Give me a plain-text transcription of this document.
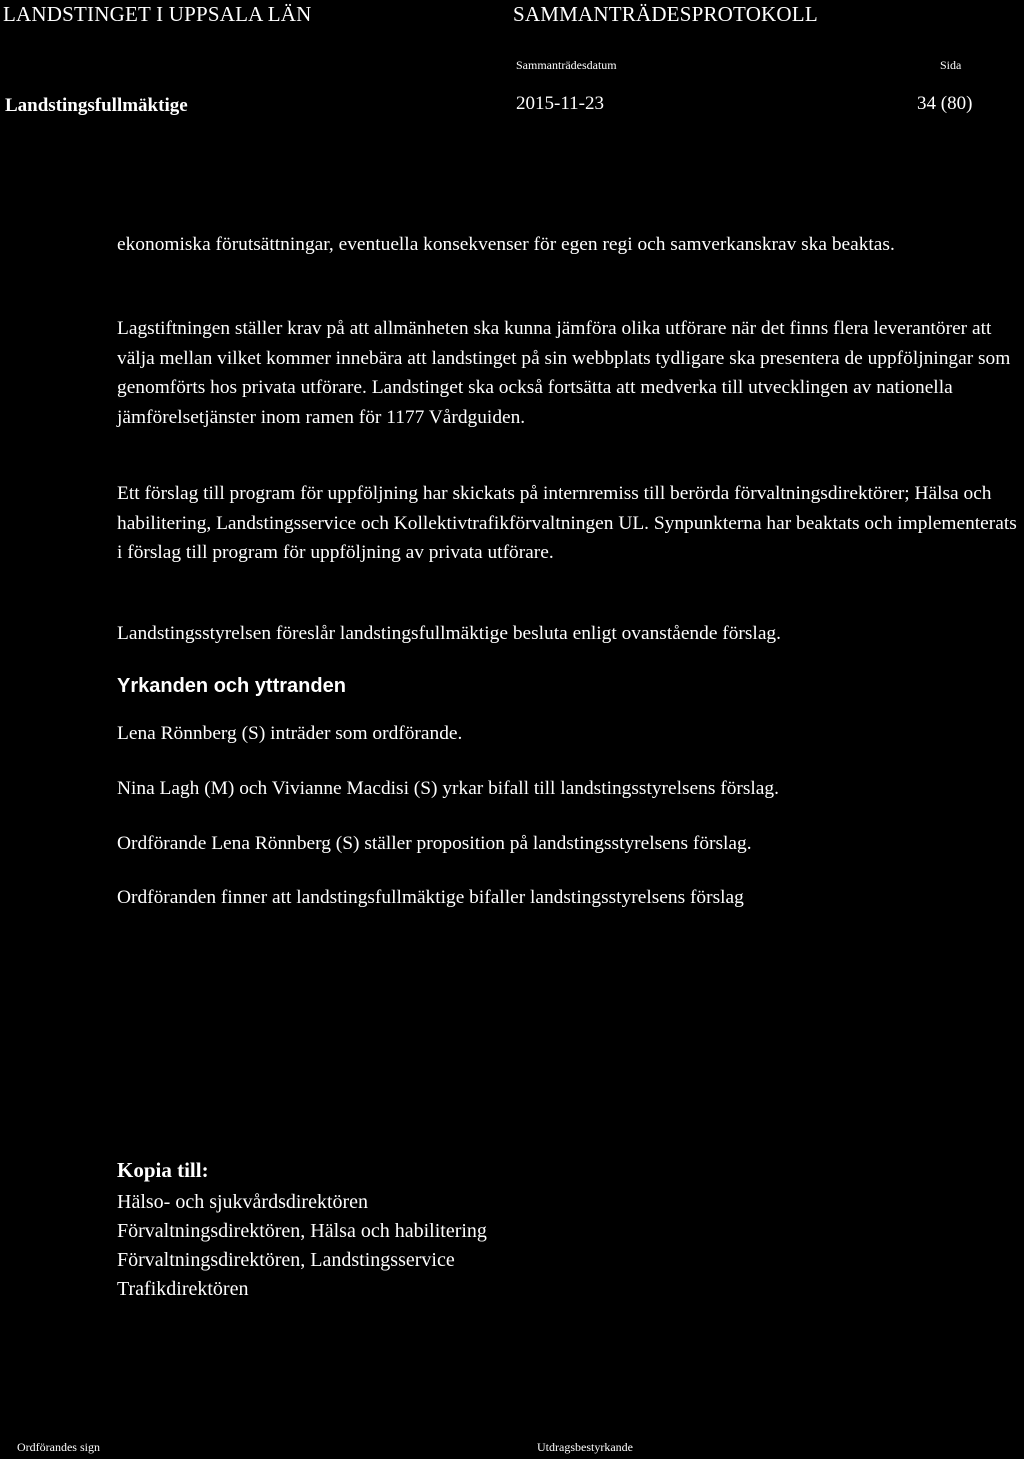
LANDSTINGET I UPPSALA LÄN	SAMMANTRÄDESPROTOKOLL
Sammanträdesdatum	Sida
Landstingsfullmäktige	2015-11-23	34 (80)

ekonomiska förutsättningar, eventuella konsekvenser för egen regi och samverkanskrav ska beaktas.

Lagstiftningen ställer krav på att allmänheten ska kunna jämföra olika utförare när det finns flera leverantörer att välja mellan vilket kommer innebära att landstinget på sin webbplats tydligare ska presentera de uppföljningar som genomförts hos privata utförare. Landstinget ska också fortsätta att medverka till utvecklingen av nationella jämförelsetjänster inom ramen för 1177 Vårdguiden.

Ett förslag till program för uppföljning har skickats på internremiss till berörda förvaltningsdirektörer; Hälsa och habilitering, Landstingsservice och Kollektivtrafikförvaltningen UL. Synpunkterna har beaktats och implementerats i förslag till program för uppföljning av privata utförare.

Landstingsstyrelsen föreslår landstingsfullmäktige besluta enligt ovanstående förslag.

Yrkanden och yttranden

Lena Rönnberg (S) inträder som ordförande.

Nina Lagh (M) och Vivianne Macdisi (S) yrkar bifall till landstingsstyrelsens förslag.

Ordförande Lena Rönnberg (S) ställer proposition på landstingsstyrelsens förslag.

Ordföranden finner att landstingsfullmäktige bifaller landstingsstyrelsens förslag

Kopia till:
Hälso- och sjukvårdsdirektören
Förvaltningsdirektören, Hälsa och habilitering
Förvaltningsdirektören, Landstingsservice
Trafikdirektören
Ordförandes sign	Utdragsbestyrkande
